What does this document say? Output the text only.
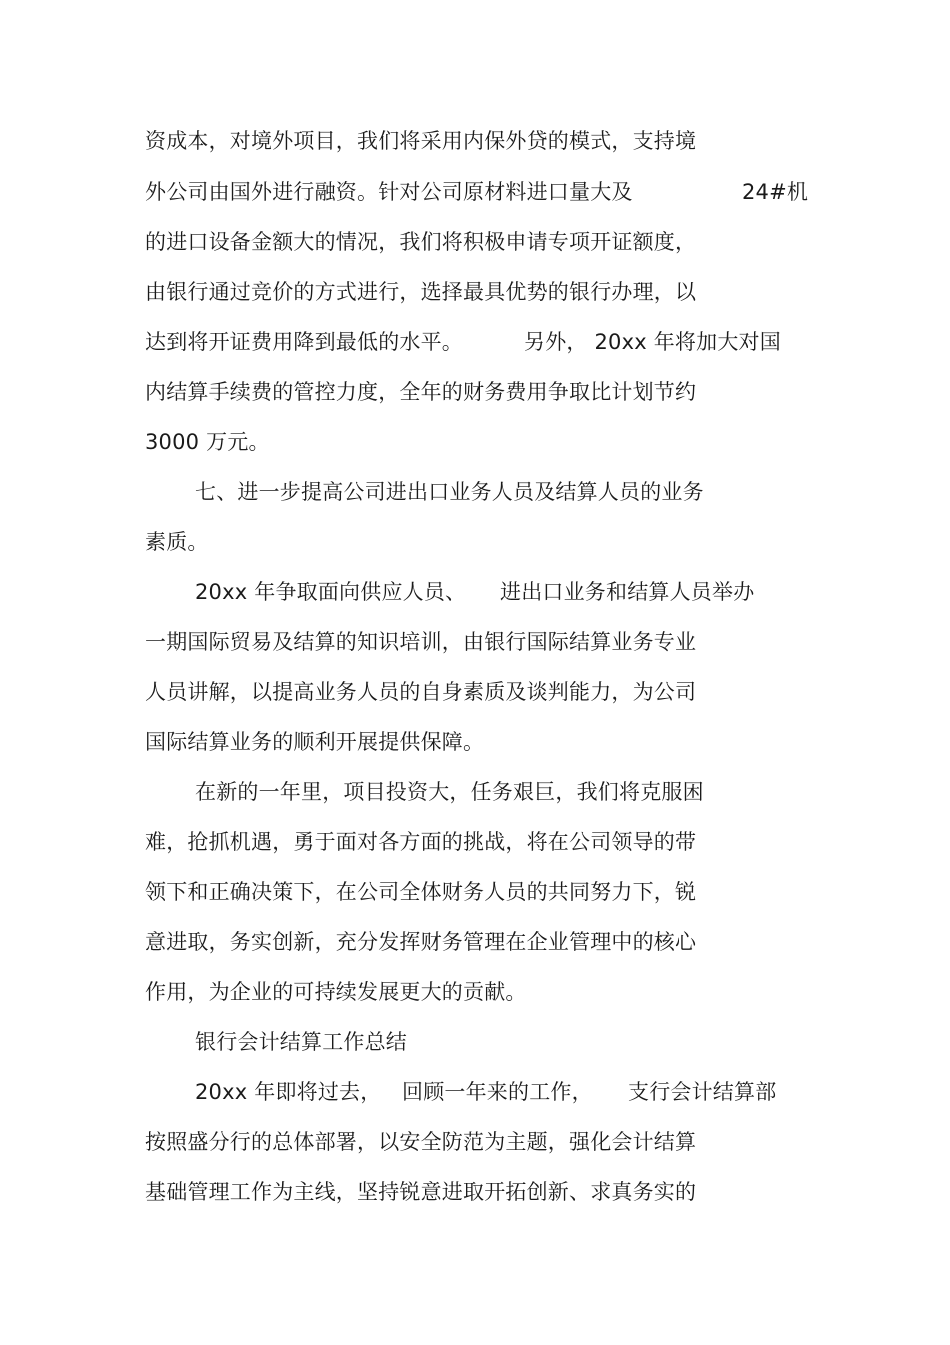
资成本，对境外项目，我们将采用内保外贷的模式，支持境
外公司由国外进行融资。针对公司原材料进口量大及	24#机
的进口设备金额大的情况，我们将积极申请专项开证额度，
由银行通过竞价的方式进行，选择最具优势的银行办理，以
达到将开证费用降到最低的水平。	另外， 20xx 年将加大对国
内结算手续费的管控力度，全年的财务费用争取比计划节约
3000 万元。
七、进一步提高公司进出口业务人员及结算人员的业务
素质。
20xx 年争取面向供应人员、 进出口业务和结算人员举办
一期国际贸易及结算的知识培训，由银行国际结算业务专业
人员讲解，以提高业务人员的自身素质及谈判能力，为公司
国际结算业务的顺利开展提供保障。
在新的一年里，项目投资大，任务艰巨，我们将克服困
难，抢抓机遇，勇于面对各方面的挑战，将在公司领导的带
领下和正确决策下，在公司全体财务人员的共同努力下，锐
意进取，务实创新，充分发挥财务管理在企业管理中的核心
作用，为企业的可持续发展更大的贡献。
银行会计结算工作总结
20xx 年即将过去， 回顾一年来的工作， 支行会计结算部
按照盛分行的总体部署，以安全防范为主题，强化会计结算
基础管理工作为主线，坚持锐意进取开拓创新、求真务实的
